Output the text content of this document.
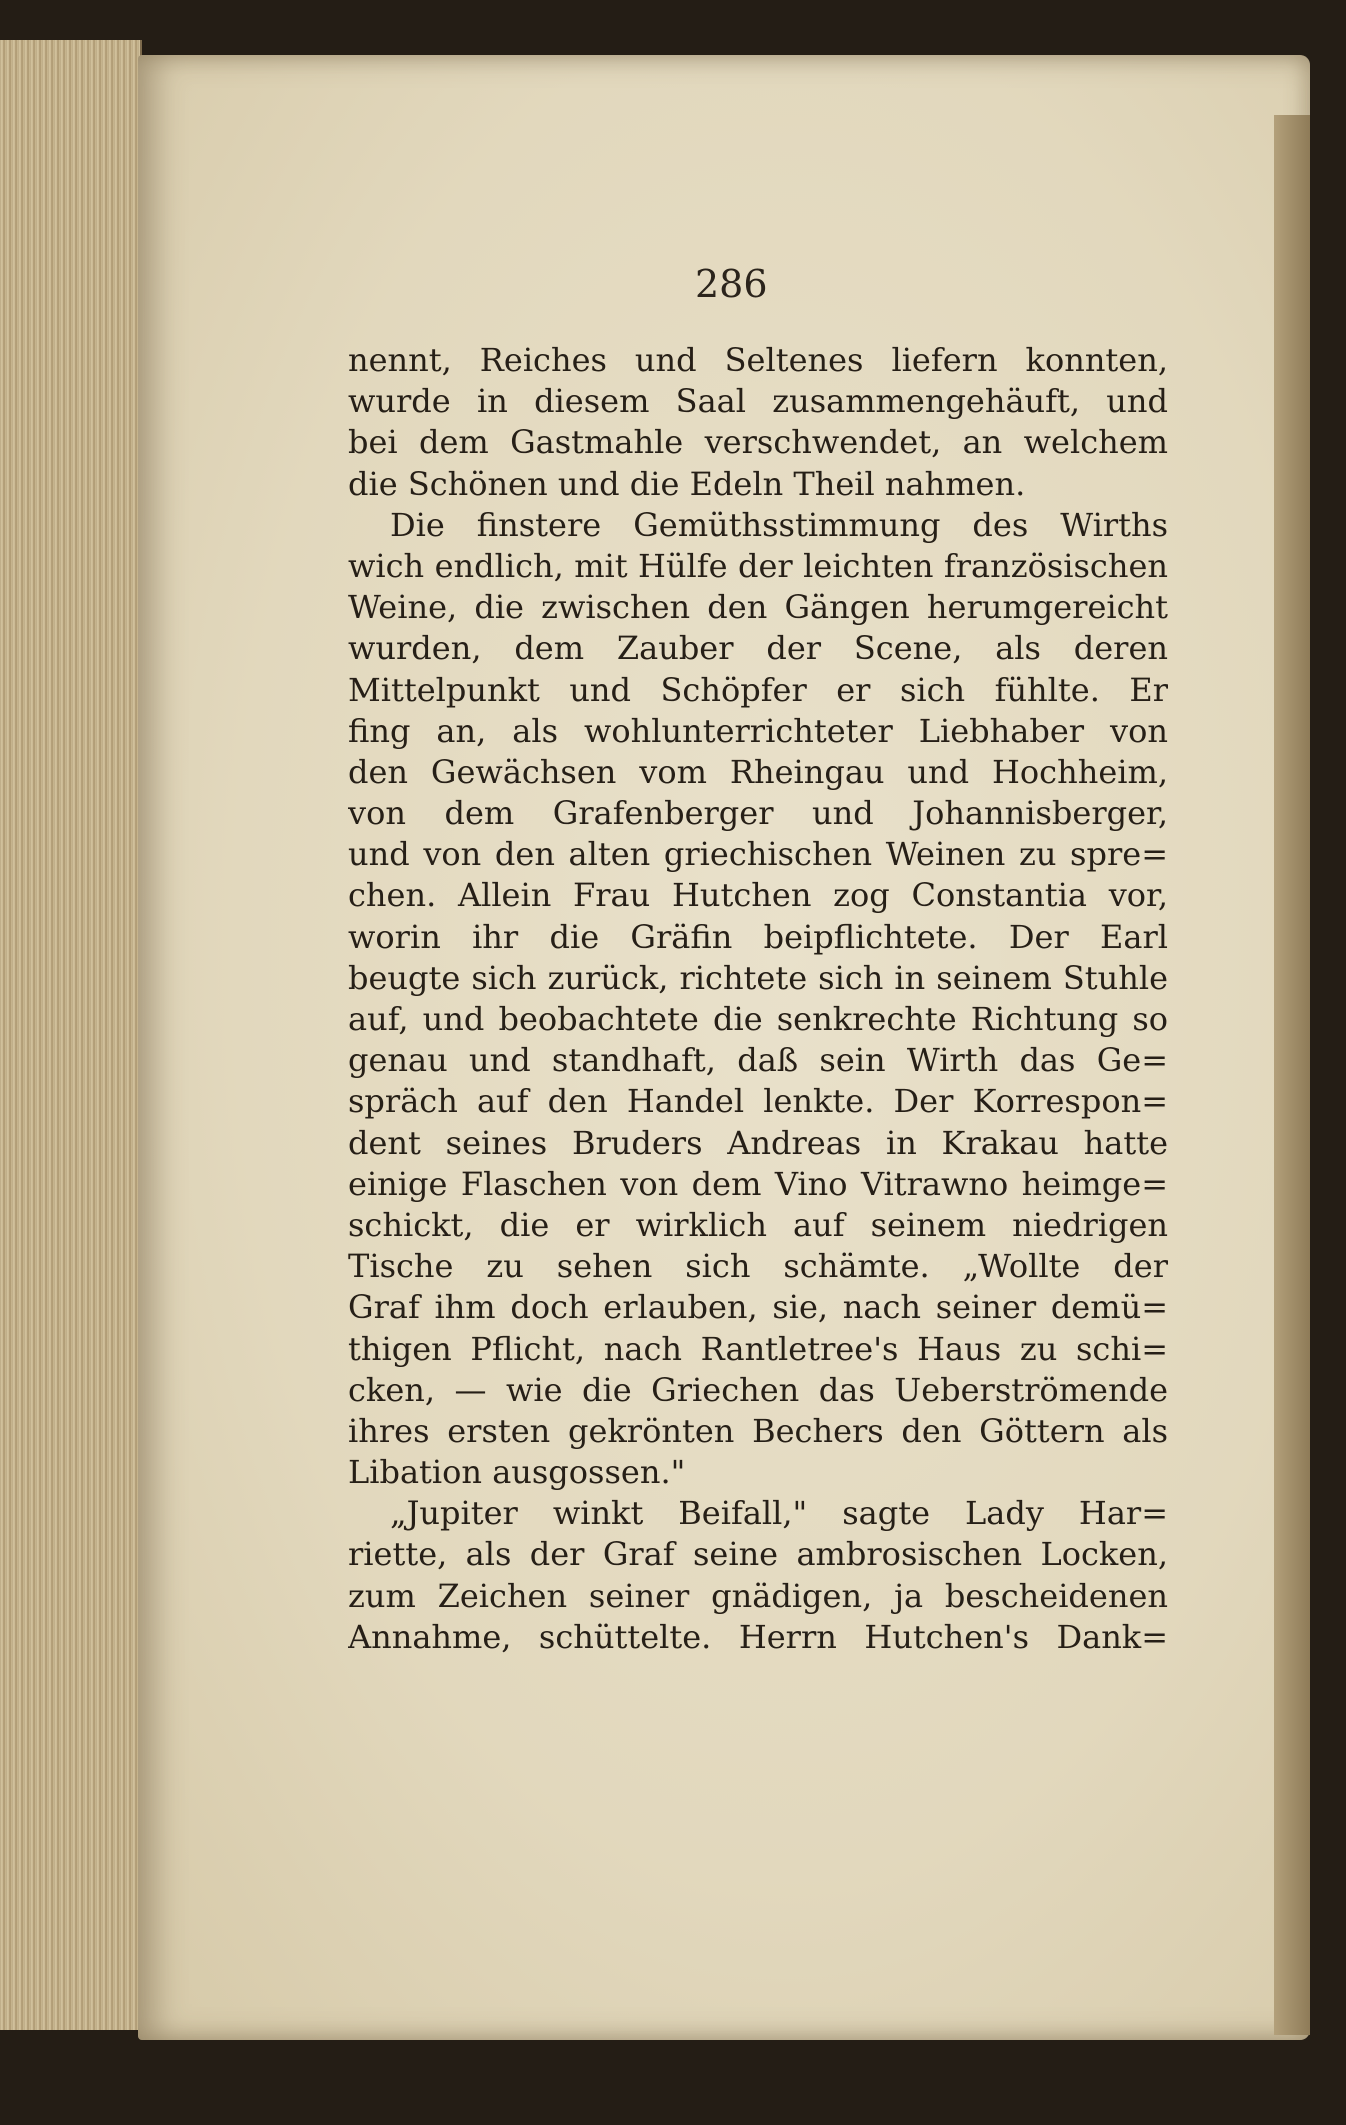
286
nennt, Reiches und Seltenes liefern konnten,
wurde in diesem Saal zusammengehäuft, und
bei dem Gastmahle verschwendet, an welchem
die Schönen und die Edeln Theil nahmen.
Die finstere Gemüthsstimmung des Wirths
wich endlich, mit Hülfe der leichten französischen
Weine, die zwischen den Gängen herumgereicht
wurden, dem Zauber der Scene, als deren
Mittelpunkt und Schöpfer er sich fühlte. Er
fing an, als wohlunterrichteter Liebhaber von
den Gewächsen vom Rheingau und Hochheim,
von dem Grafenberger und Johannisberger,
und von den alten griechischen Weinen zu spre=
chen. Allein Frau Hutchen zog Constantia vor,
worin ihr die Gräfin beipflichtete. Der Earl
beugte sich zurück, richtete sich in seinem Stuhle
auf, und beobachtete die senkrechte Richtung so
genau und standhaft, daß sein Wirth das Ge=
spräch auf den Handel lenkte. Der Korrespon=
dent seines Bruders Andreas in Krakau hatte
einige Flaschen von dem Vino Vitrawno heimge=
schickt, die er wirklich auf seinem niedrigen
Tische zu sehen sich schämte. „Wollte der
Graf ihm doch erlauben, sie, nach seiner demü=
thigen Pflicht, nach Rantletree's Haus zu schi=
cken, — wie die Griechen das Ueberströmende
ihres ersten gekrönten Bechers den Göttern als
Libation ausgossen."
„Jupiter winkt Beifall," sagte Lady Har=
riette, als der Graf seine ambrosischen Locken,
zum Zeichen seiner gnädigen, ja bescheidenen
Annahme, schüttelte. Herrn Hutchen's Dank=
